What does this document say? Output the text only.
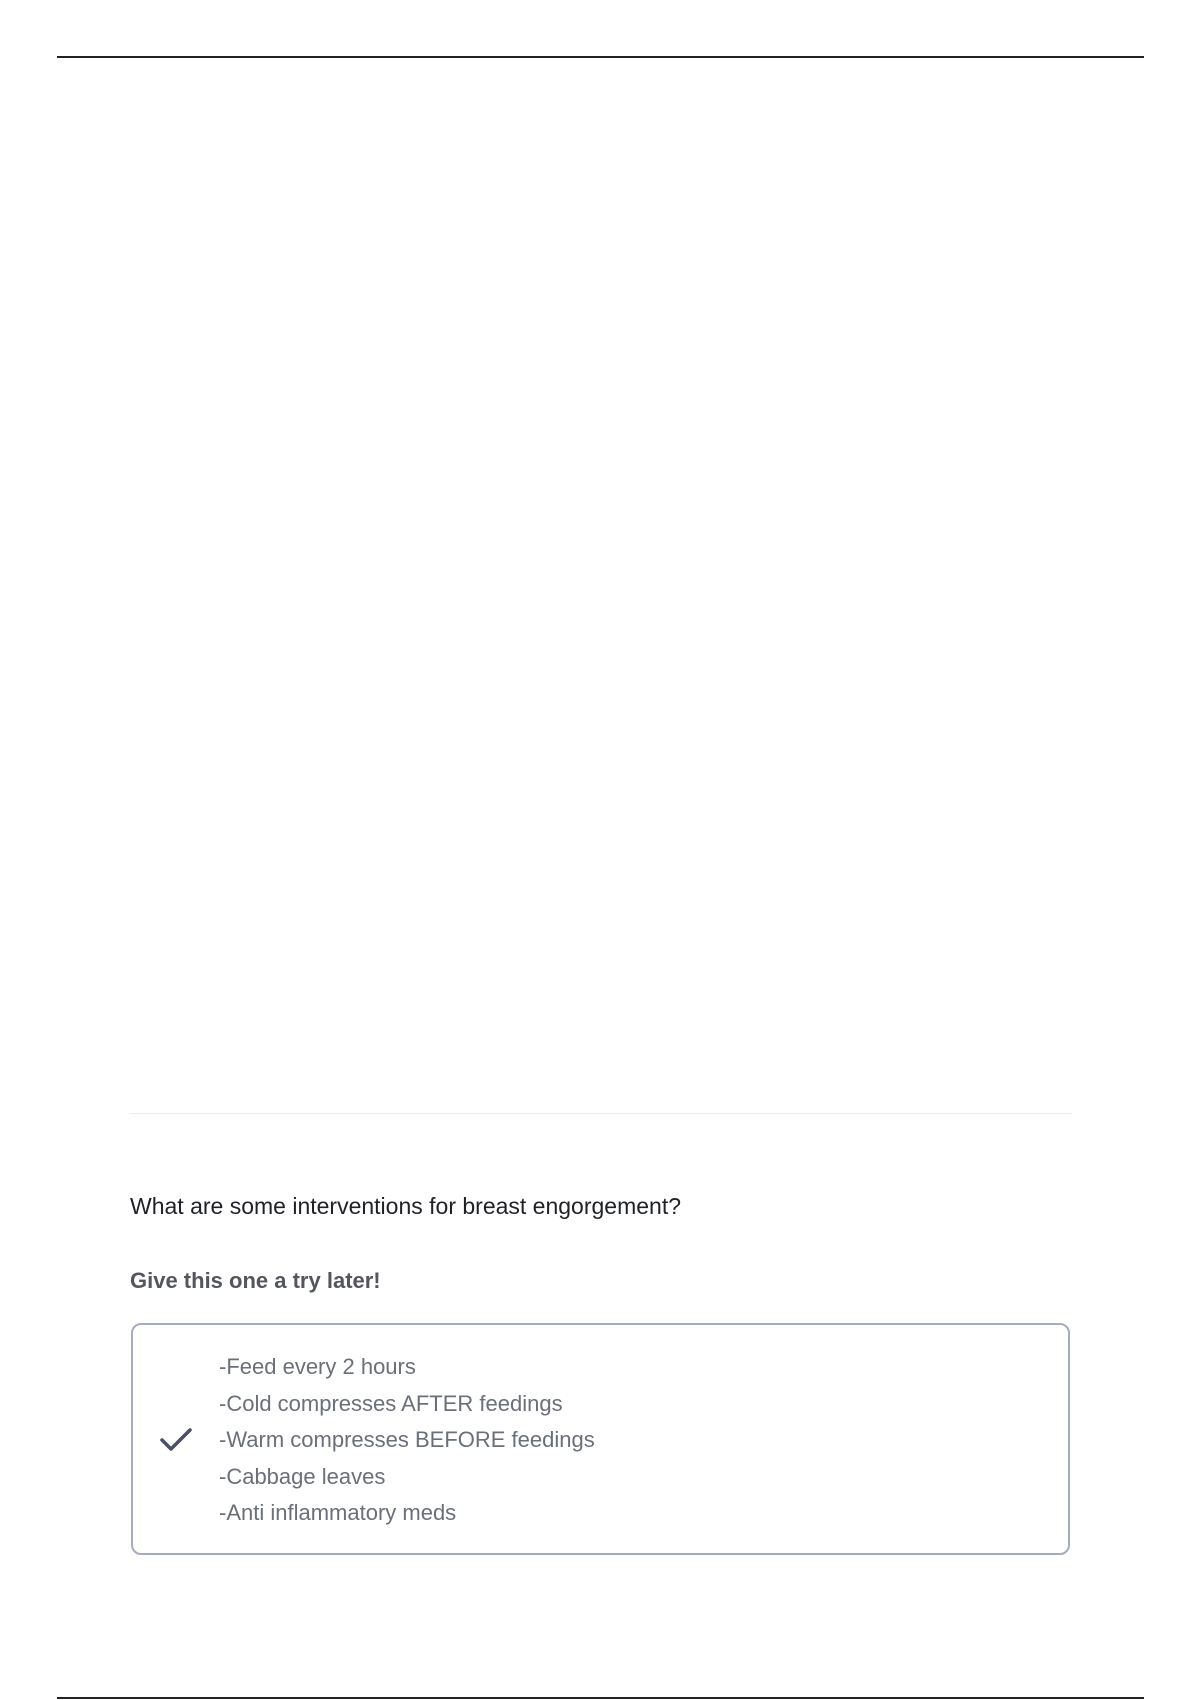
What are some interventions for breast engorgement?
Give this one a try later!
-Feed every 2 hours
-Cold compresses AFTER feedings
-Warm compresses BEFORE feedings
-Cabbage leaves
-Anti inflammatory meds
